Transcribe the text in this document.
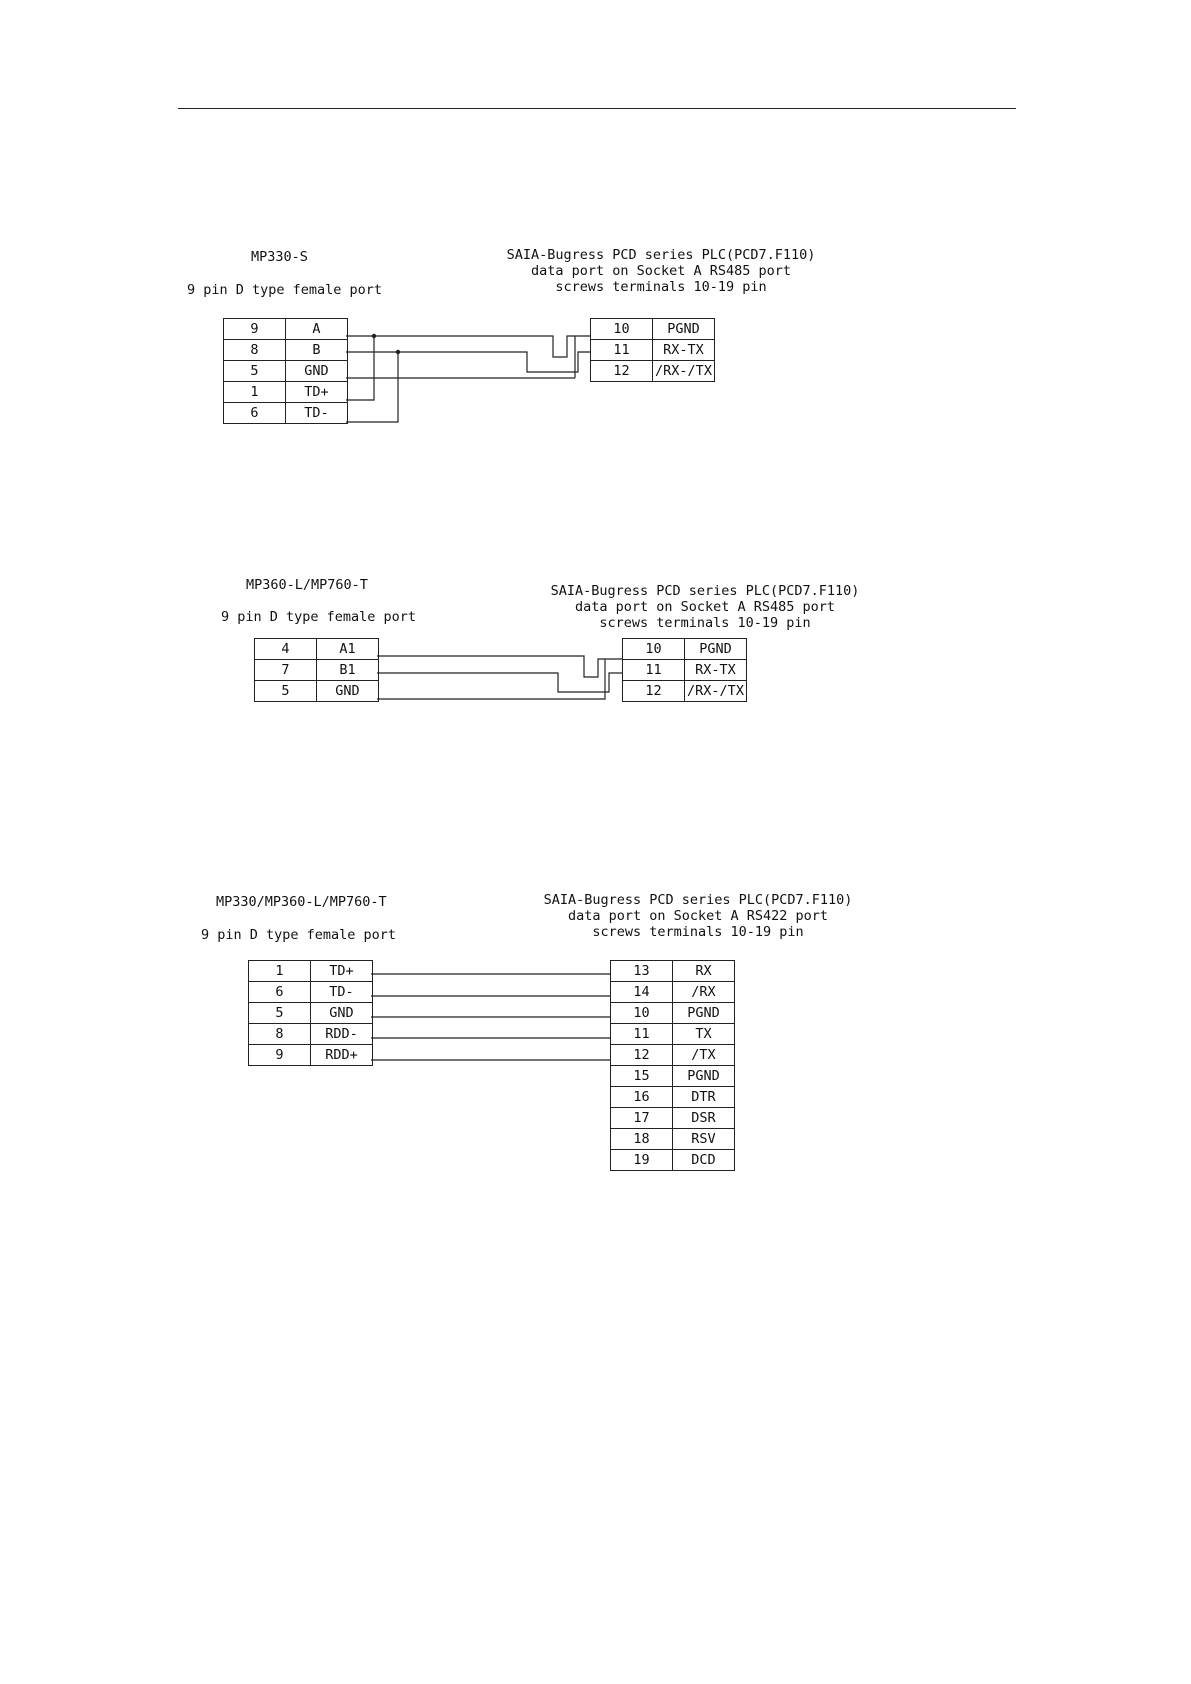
MP330-S
9 pin D type female port
SAIA-Bugress PCD series PLC(PCD7.F110)
data port on Socket A RS485 port
screws terminals 10-19 pin
9	A
8	B
5	GND
1	TD+
6	TD-
10	PGND
11	RX-TX
12	/RX-/TX
MP360-L/MP760-T
9 pin D type female port
SAIA-Bugress PCD series PLC(PCD7.F110)
data port on Socket A RS485 port
screws terminals 10-19 pin
4	A1
7	B1
5	GND
10	PGND
11	RX-TX
12	/RX-/TX
MP330/MP360-L/MP760-T
9 pin D type female port
SAIA-Bugress PCD series PLC(PCD7.F110)
data port on Socket A RS422 port
screws terminals 10-19 pin
1	TD+
6	TD-
5	GND
8	RDD-
9	RDD+
13	RX
14	/RX
10	PGND
11	TX
12	/TX
15	PGND
16	DTR
17	DSR
18	RSV
19	DCD
